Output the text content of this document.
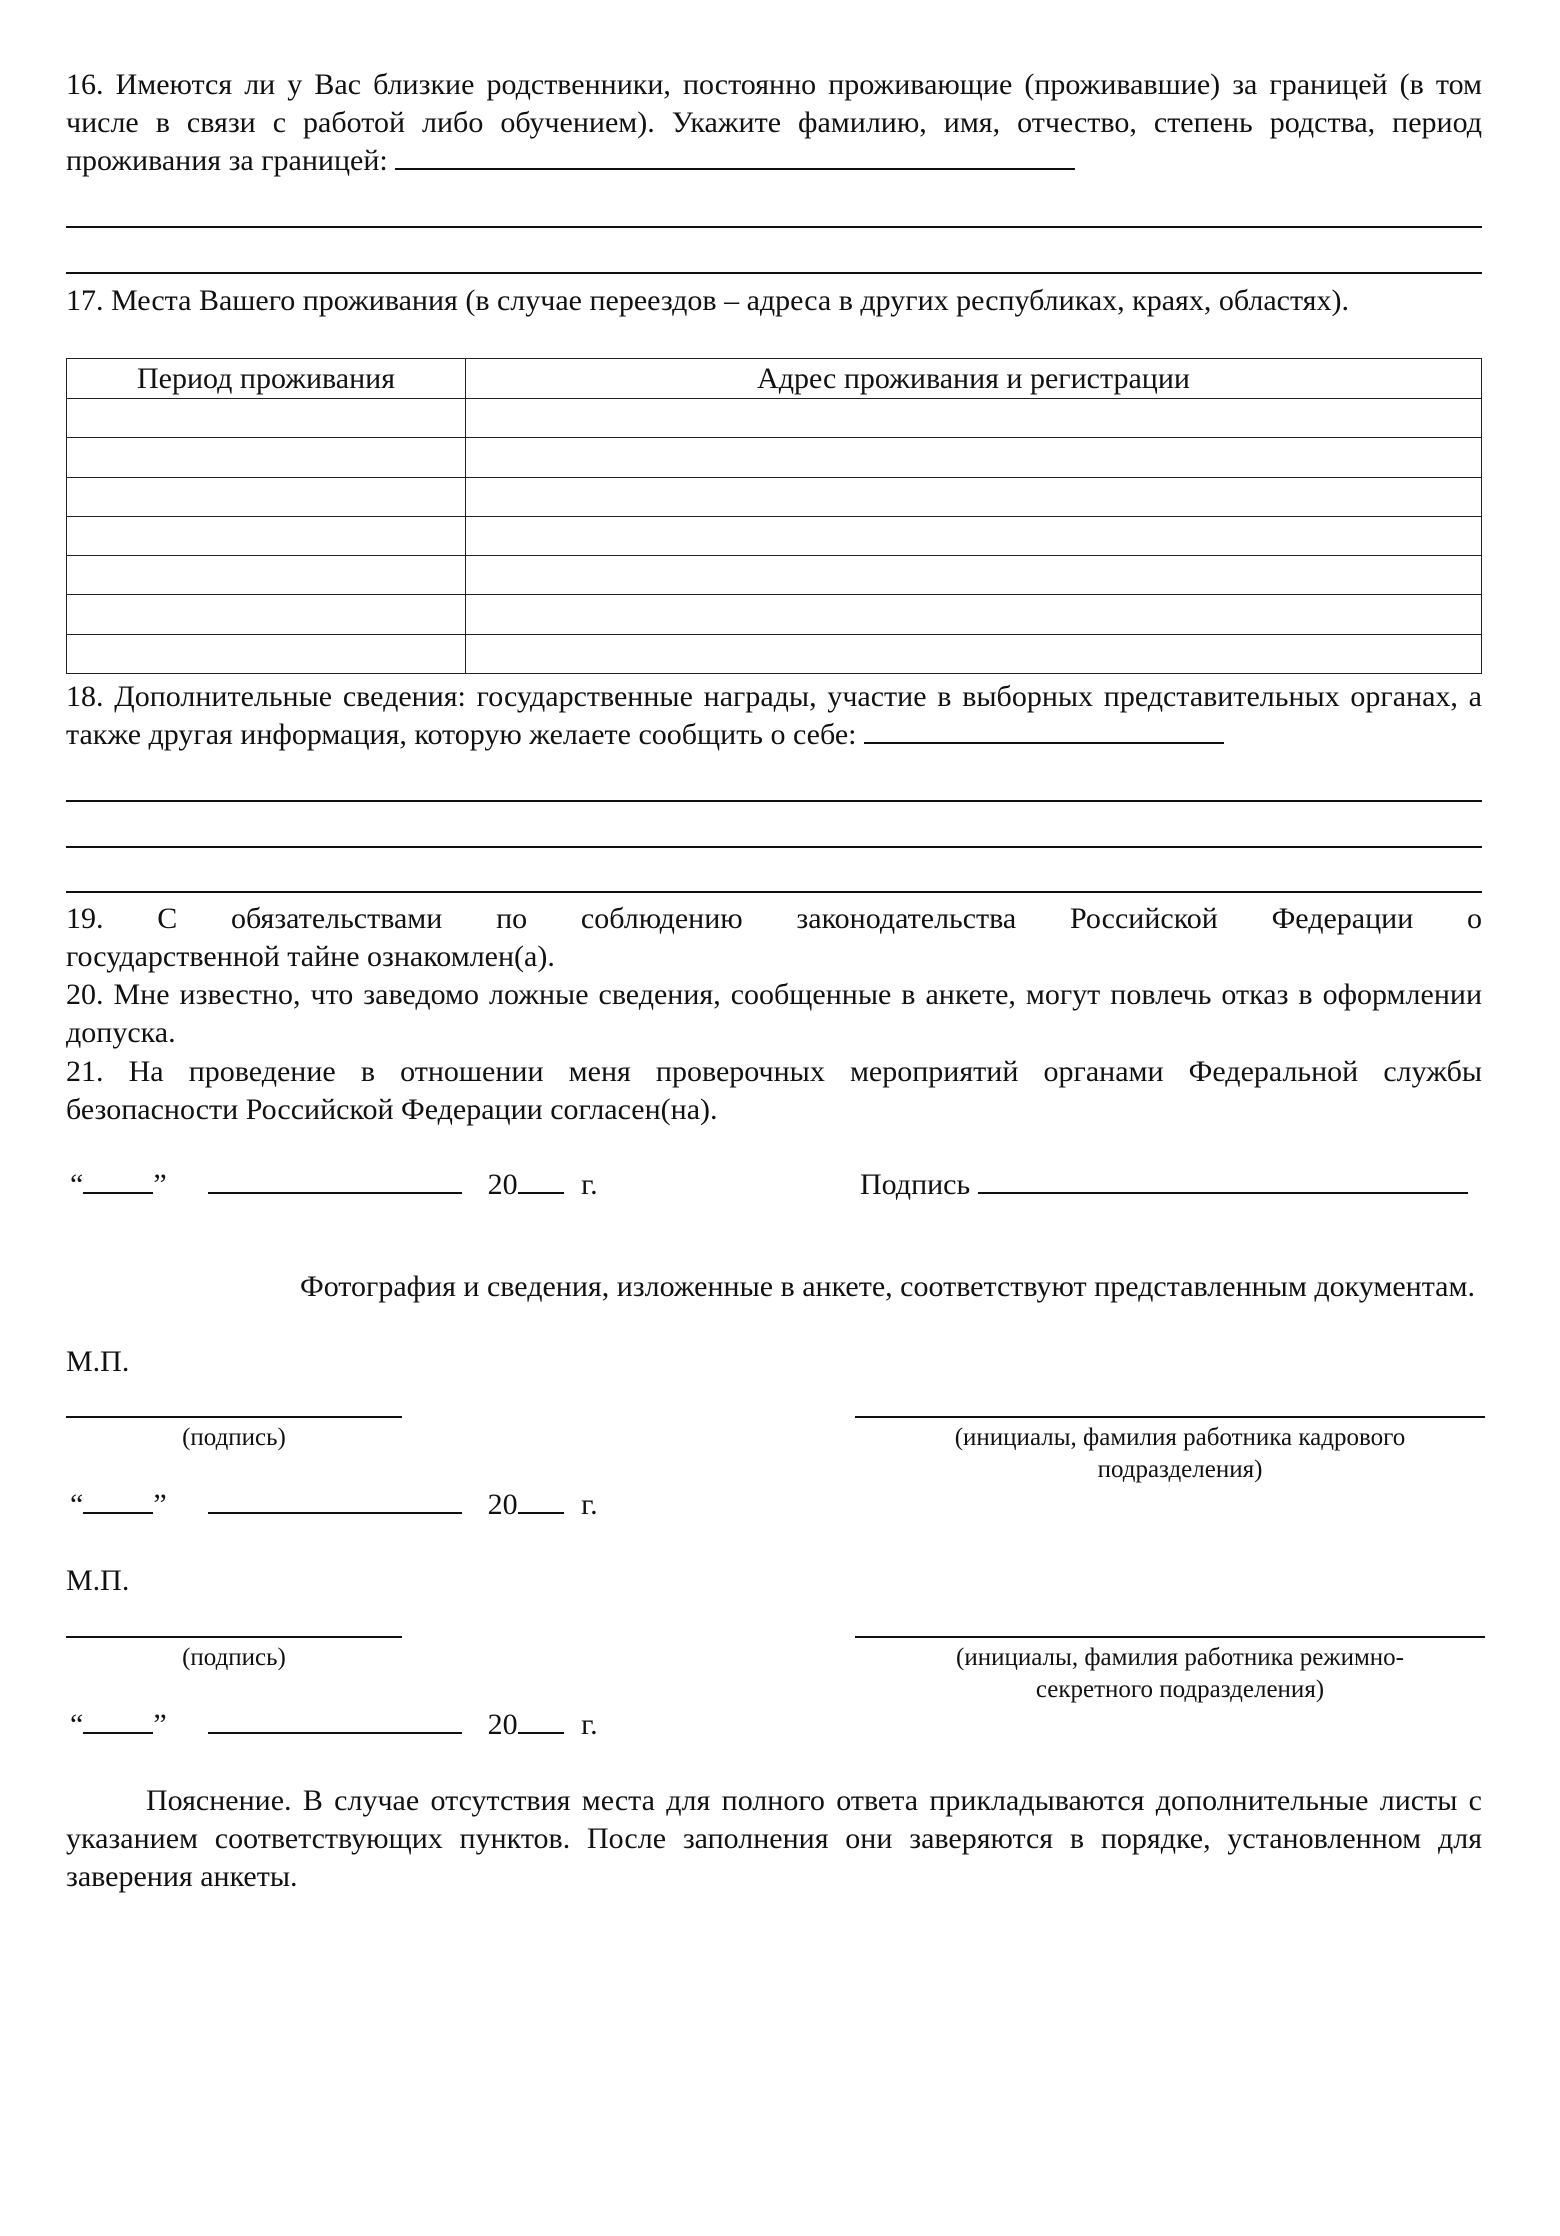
16. Имеются ли у Вас близкие родственники, постоянно проживающие (проживавшие) за границей (в том числе в связи с работой либо обучением). Укажите фамилию, имя, отчество, степень родства, период проживания за границей:

17. Места Вашего проживания (в случае переездов – адреса в других республиках, краях, областях).

Период проживания	Адрес проживания и регистрации

18. Дополнительные сведения: государственные награды, участие в выборных представительных органах, а также другая информация, которую желаете сообщить о себе:

19. С обязательствами по соблюдению законодательства Российской Федерации о

государственной тайне ознакомлен(а).

20. Мне известно, что заведомо ложные сведения, сообщенные в анкете, могут повлечь отказ в оформлении допуска.

21. На проведение в отношении меня проверочных мероприятий органами Федеральной службы безопасности Российской Федерации согласен(на).

“ ”	20 г.	Подпись

Фотография и сведения, изложенные в анкете, соответствуют представленным документам.

М.П.
(подпись)	(инициалы, фамилия работника кадрового подразделения)
“ ”	20 г.
М.П.
(подпись)	(инициалы, фамилия работника режимно-секретного подразделения)
“ ”	20 г.

Пояснение. В случае отсутствия места для полного ответа прикладываются дополнительные листы с указанием соответствующих пунктов. После заполнения они заверяются в порядке, установленном для заверения анкеты.
